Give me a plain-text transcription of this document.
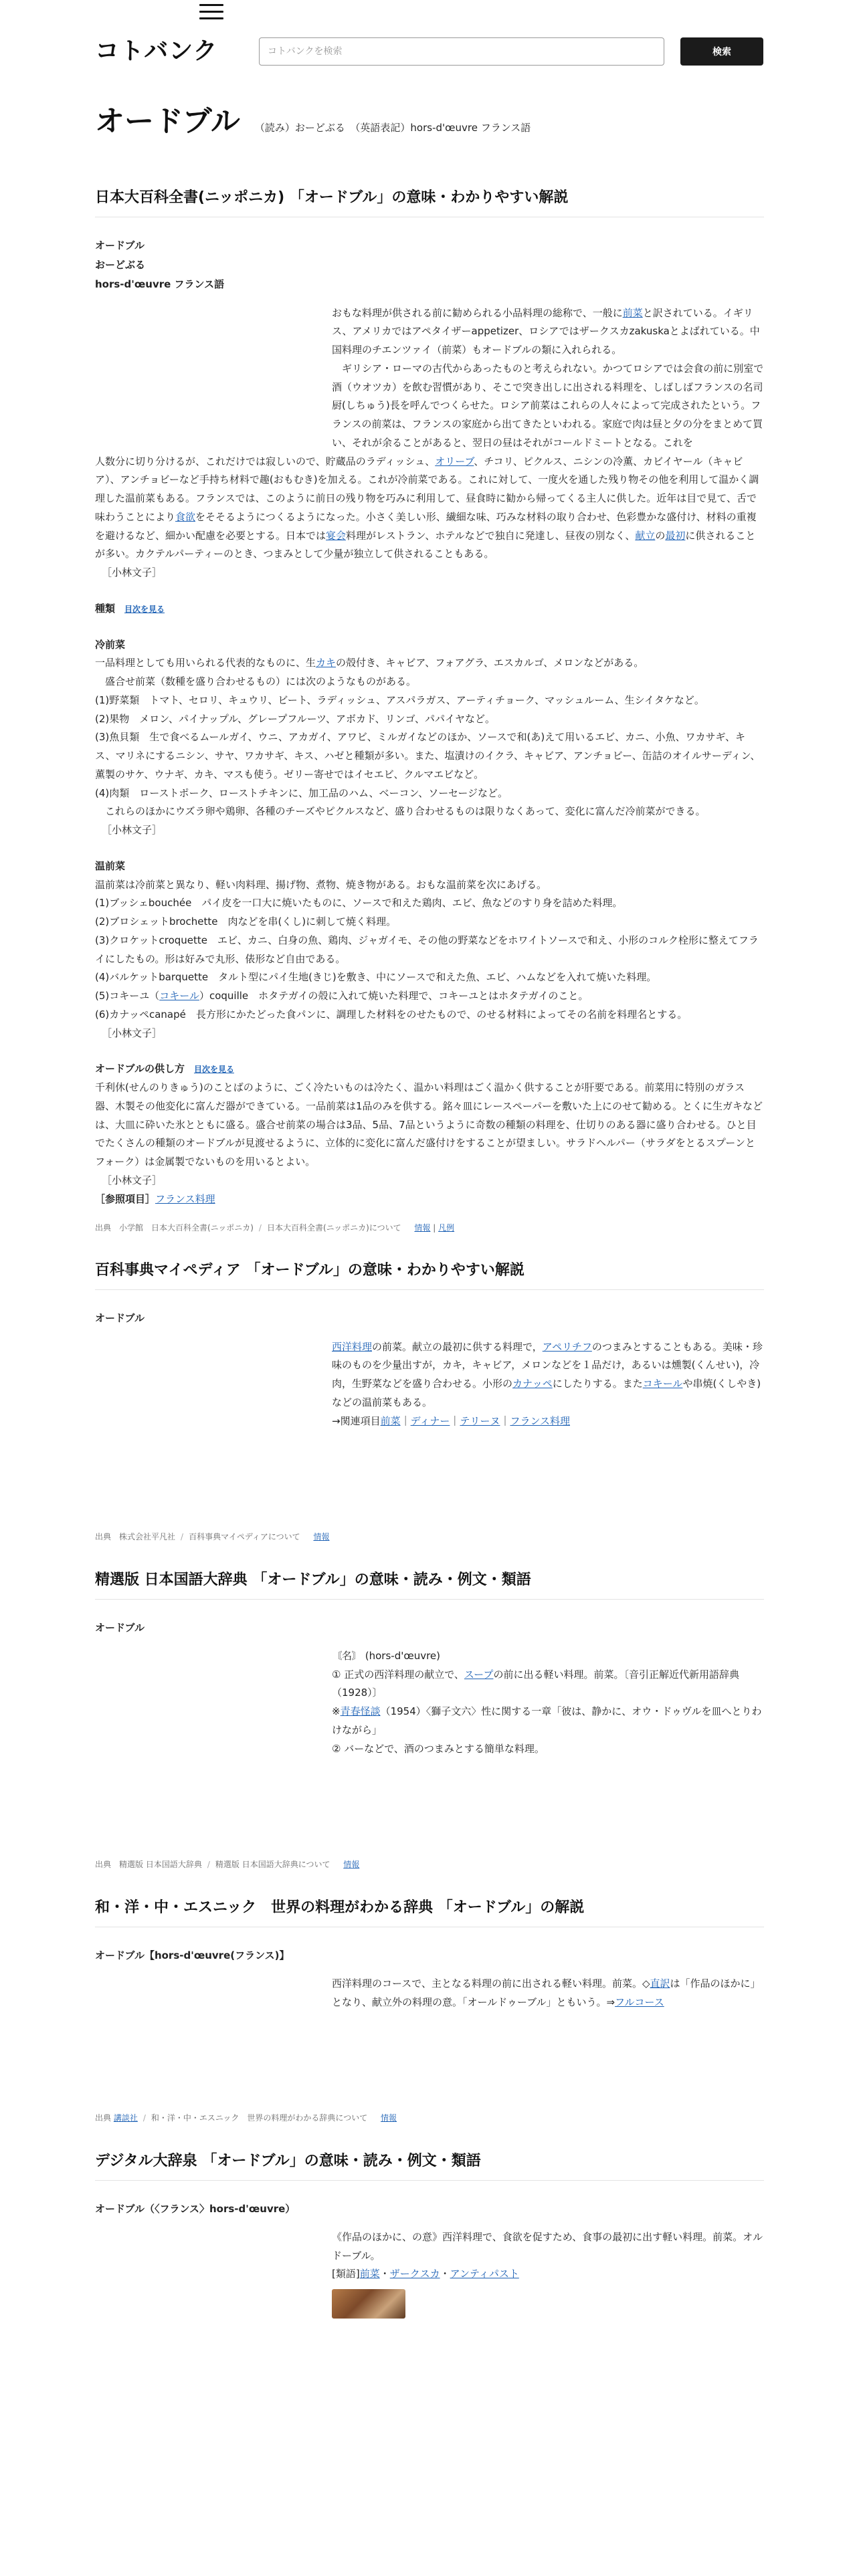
コトバンク
コトバンクを検索	検索
オードブル （読み）おーどぶる　（英語表記）hors-d'œuvre フランス語
日本大百科全書(ニッポニカ) 「オードブル」の意味・わかりやすい解説
オードブル
おーどぶる
hors-d'œuvre フランス語

おもな料理が供される前に勧められる小品料理の総称で、一般に前菜と訳されている。イギリス、アメリカではアペタイザーappetizer、ロシアではザークスカzakuskaとよばれている。中国料理のチエンツァイ（前菜）もオードブルの類に入れられる。

ギリシア・ローマの古代からあったものと考えられない。かつてロシアでは会食の前に別室で酒（ウオツカ）を飲む習慣があり、そこで突き出しに出される料理を、しばしばフランスの名司厨(しちゅう)長を呼んでつくらせた。ロシア前菜はこれらの人々によって完成されたという。フランスの前菜は、フランスの家庭から出てきたといわれる。家庭で肉は昼と夕の分をまとめて買い、それが余ることがあると、翌日の昼はそれがコールドミートとなる。これを

人数分に切り分けるが、これだけでは寂しいので、貯蔵品のラディッシュ、オリーブ、チコリ、ピクルス、ニシンの冷薫、カビイヤール（キャビア）、アンチョビーなど手持ち材料で趣(おもむき)を加える。これが冷前菜である。これに対して、一度火を通した残り物その他を利用して温かく調理した温前菜もある。フランスでは、このように前日の残り物を巧みに利用して、昼食時に勧から帰ってくる主人に供した。近年は目で見て、舌で味わうことにより食欲をそそるようにつくるようになった。小さく美しい形、繊細な味、巧みな材料の取り合わせ、色彩豊かな盛付け、材料の重複を避けるなど、細かい配慮を必要とする。日本では宴会料理がレストラン、ホテルなどで独自に発達し、昼夜の別なく、献立の最初に供されることが多い。カクテルパーティーのとき、つまみとして少量が独立して供されることもある。

［小林文子］

種類 目次を見る

冷前菜

一品料理としても用いられる代表的なものに、生カキの殻付き、キャビア、フォアグラ、エスカルゴ、メロンなどがある。

盛合せ前菜（数種を盛り合わせるもの）には次のようなものがある。

(1)野菜類　トマト、セロリ、キュウリ、ビート、ラディッシュ、アスパラガス、アーティチョーク、マッシュルーム、生シイタケなど。

(2)果物　メロン、パイナップル、グレープフルーツ、アボカド、リンゴ、パパイヤなど。

(3)魚貝類　生で食べるムールガイ、ウニ、アカガイ、アワビ、ミルガイなどのほか、ソースで和(あ)えて用いるエビ、カニ、小魚、ワカサギ、キス、マリネにするニシン、サヤ、ワカサギ、キス、ハゼと種類が多い。また、塩漬けのイクラ、キャビア、アンチョビー、缶詰のオイルサーディン、薫製のサケ、ウナギ、カキ、マスも使う。ゼリー寄せではイセエビ、クルマエビなど。

(4)肉類　ローストポーク、ローストチキンに、加工品のハム、ベーコン、ソーセージなど。

これらのほかにウズラ卵や鶏卵、各種のチーズやピクルスなど、盛り合わせるものは限りなくあって、変化に富んだ冷前菜ができる。

［小林文子］

温前菜

温前菜は冷前菜と異なり、軽い肉料理、揚げ物、煮物、焼き物がある。おもな温前菜を次にあげる。

(1)ブッシェbouchée　パイ皮を一口大に焼いたものに、ソースで和えた鶏肉、エビ、魚などのすり身を詰めた料理。

(2)ブロシェットbrochette　肉などを串(くし)に刺して焼く料理。

(3)クロケットcroquette　エビ、カニ、白身の魚、鶏肉、ジャガイモ、その他の野菜などをホワイトソースで和え、小形のコルク栓形に整えてフライにしたもの。形は好みで丸形、俵形など自由である。

(4)バルケットbarquette　タルト型にパイ生地(きじ)を敷き、中にソースで和えた魚、エビ、ハムなどを入れて焼いた料理。

(5)コキーユ（コキール）coquille　ホタテガイの殻に入れて焼いた料理で、コキーユとはホタテガイのこと。

(6)カナッペcanapé　長方形にかたどった食パンに、調理した材料をのせたもので、のせる材料によってその名前を料理名とする。

［小林文子］

オードブルの供し方 目次を見る

千利休(せんのりきゅう)のことばのように、ごく冷たいものは冷たく、温かい料理はごく温かく供することが肝要である。前菜用に特別のガラス器、木製その他変化に富んだ器ができている。一品前菜は1品のみを供する。銘々皿にレースペーパーを敷いた上にのせて勧める。とくに生ガキなどは、大皿に砕いた氷とともに盛る。盛合せ前菜の場合は3品、5品、7品というように奇数の種類の料理を、仕切りのある器に盛り合わせる。ひと目でたくさんの種類のオードブルが見渡せるように、立体的に変化に富んだ盛付けをすることが望ましい。サラドヘルパー（サラダをとるスプーンとフォーク）は金属製でないものを用いるとよい。

［小林文子］

［参照項目］フランス料理

出典　小学館　日本大百科全書(ニッポニカ) / 日本大百科全書(ニッポニカ)について 情報 | 凡例

百科事典マイペディア 「オードブル」の意味・わかりやすい解説
オードブル

西洋料理の前菜。献立の最初に供する料理で，アペリチフのつまみとすることもある。美味・珍味のものを少量出すが，カキ，キャビア，メロンなどを１品だけ，あるいは燻製(くんせい)，冷肉，生野菜などを盛り合わせる。小形のカナッペにしたりする。またコキールや串焼(くしやき)などの温前菜もある。

→関連項目前菜｜ディナー｜テリーヌ｜フランス料理

出典　株式会社平凡社 / 百科事典マイペディアについて 情報

精選版 日本国語大辞典 「オードブル」の意味・読み・例文・類語
オードブル

〘名〙 (hors-d'œuvre)

① 正式の西洋料理の献立で、スープの前に出る軽い料理。前菜。〔音引正解近代新用語辞典（1928）〕

※青春怪談（1954）〈獅子文六〉性に関する一章「彼は、静かに、オウ・ドゥヴルを皿へとりわけながら」

② バーなどで、酒のつまみとする簡単な料理。

出典　精選版 日本国語大辞典 / 精選版 日本国語大辞典について 情報

和・洋・中・エスニック　世界の料理がわかる辞典 「オードブル」の解説
オードブル【hors-d'œuvre(フランス)】

西洋料理のコースで、主となる料理の前に出される軽い料理。前菜。◇直訳は「作品のほかに」となり、献立外の料理の意。「オールドゥーブル」ともいう。⇒フルコース

出典 講談社 / 和・洋・中・エスニック　世界の料理がわかる辞典について 情報

デジタル大辞泉 「オードブル」の意味・読み・例文・類語
オードブル（〈フランス〉hors-d'œuvre）

《作品のほかに、の意》西洋料理で、食欲を促すため、食事の最初に出す軽い料理。前菜。オルドーブル。

[類語]前菜・ザークスカ・アンティパスト
